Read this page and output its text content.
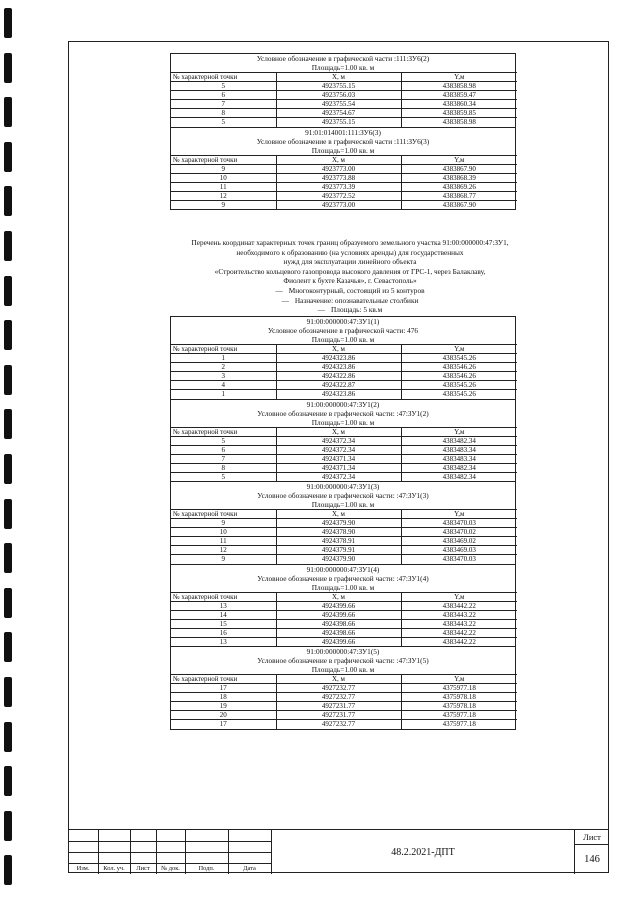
Условное обозначение в графической части :111:ЗУ6(2)
Площадь=1.00 кв. м
№ характерной точки	X, м	Y,м
5	4923755.15	4383858.98
6	4923756.03	4383859.47
7	4923755.54	4383860.34
8	4923754.67	4383859.85
5	4923755.15	4383858.98
91:01:014001:111:ЗУ6(3)
Условное обозначение в графической части :111:ЗУ6(3)
Площадь=1.00 кв. м
№ характерной точки	X, м	Y,м
9	4923773.00	4383867.90
10	4923773.88	4383868.39
11	4923773.39	4383869.26
12	4923772.52	4383868.77
9	4923773.00	4383867.90
Перечень координат характерных точек границ образуемого земельного участка 91:00:000000:47:ЗУ1,
необходимого к образованию (на условиях аренды) для государственных
нужд для эксплуатации линейного объекта
«Строительство кольцевого газопровода высокого давления от ГРС-1, через Балаклаву,
Фиолент к бухте Казачья», г. Севастополь»
— Многоконтурный, состоящий из 5 контуров
— Назначение: опознавательные столбики
— Площадь: 5 кв.м
91:00:000000:47:ЗУ1(1)
Условное обозначение в графической части: 476
Площадь=1.00 кв. м
№ характерной точки	X, м	Y,м
1	4924323.86	4383545.26
2	4924323.86	4383546.26
3	4924322.86	4383546.26
4	4924322.87	4383545.26
1	4924323.86	4383545.26
91:00:000000:47:ЗУ1(2)
Условное обозначение в графической части: :47:ЗУ1(2)
Площадь=1.00 кв. м
№ характерной точки	X, м	Y,м
5	4924372.34	4383482.34
6	4924372.34	4383483.34
7	4924371.34	4383483.34
8	4924371.34	4383482.34
5	4924372.34	4383482.34
91:00:000000:47:ЗУ1(3)
Условное обозначение в графической части: :47:ЗУ1(3)
Площадь=1.00 кв. м
№ характерной точки	X, м	Y,м
9	4924379.90	4383470.03
10	4924378.90	4383470.02
11	4924378.91	4383469.02
12	4924379.91	4383469.03
9	4924379.90	4383470.03
91:00:000000:47:ЗУ1(4)
Условное обозначение в графической части: :47:ЗУ1(4)
Площадь=1.00 кв. м
№ характерной точки	X, м	Y,м
13	4924399.66	4383442.22
14	4924399.66	4383443.22
15	4924398.66	4383443.22
16	4924398.66	4383442.22
13	4924399.66	4383442.22
91:00:000000:47:ЗУ1(5)
Условное обозначение в графической части: :47:ЗУ1(5)
Площадь=1.00 кв. м
№ характерной точки	X, м	Y,м
17	4927232.77	4375977.18
18	4927232.77	4375978.18
19	4927231.77	4375978.18
20	4927231.77	4375977.18
17	4927232.77	4375977.18
Изм.	Кол. уч.	Лист	№ док.	Подп.	Дата
48.2.2021-ДПТ
Лист
146
